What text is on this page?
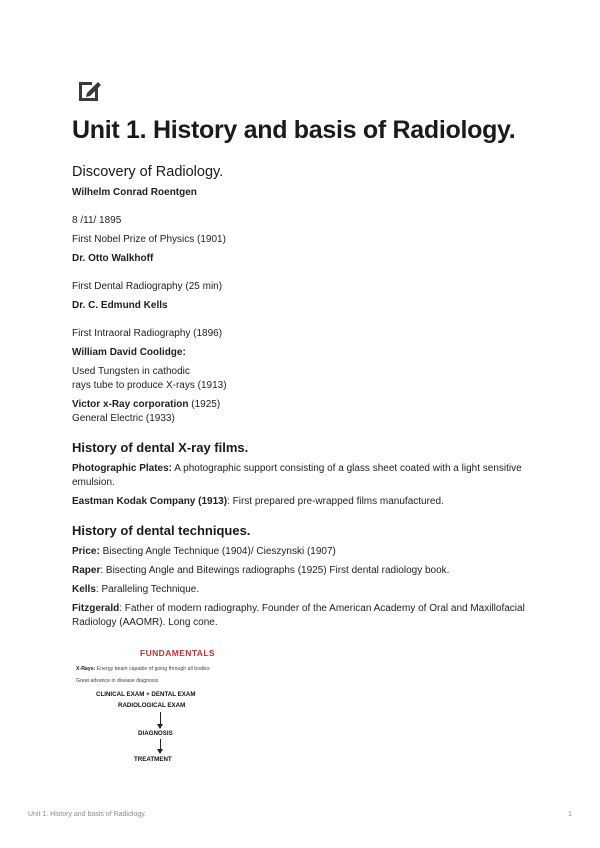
Unit 1. History and basis of Radiology.
Discovery of Radiology.

Wilhelm Conrad Roentgen

8 /11/ 1895

First Nobel Prize of Physics (1901)

Dr. Otto Walkhoff

First Dental Radiography (25 min)

Dr. C. Edmund Kells

First Intraoral Radiography (1896)

William David Coolidge:

Used Tungsten in cathodic

rays tube to produce X-rays (1913)

Victor x-Ray corporation (1925)

General Electric (1933)

History of dental X-ray films.

Photographic Plates: A photographic support consisting of a glass sheet coated with a light sensitive emulsion.

Eastman Kodak Company (1913): First prepared pre-wrapped films manufactured.

History of dental techniques.

Price: Bisecting Angle Technique (1904)/ Cieszynski (1907)

Raper: Bisecting Angle and Bitewings radiographs (1925) First dental radiology book.

Kells: Paralleling Technique.

Fitzgerald: Father of modern radiography. Founder of the American Academy of Oral and Maxillofacial Radiology (AAOMR). Long cone.

FUNDAMENTALS
X-Rays: Energy beam capable of going through all bodies
Great advance in disease diagnosis
CLINICAL EXAM + DENTAL EXAM
RADIOLOGICAL EXAM
DIAGNOSIS
TREATMENT
Unit 1. History and basis of Radiology.	1
